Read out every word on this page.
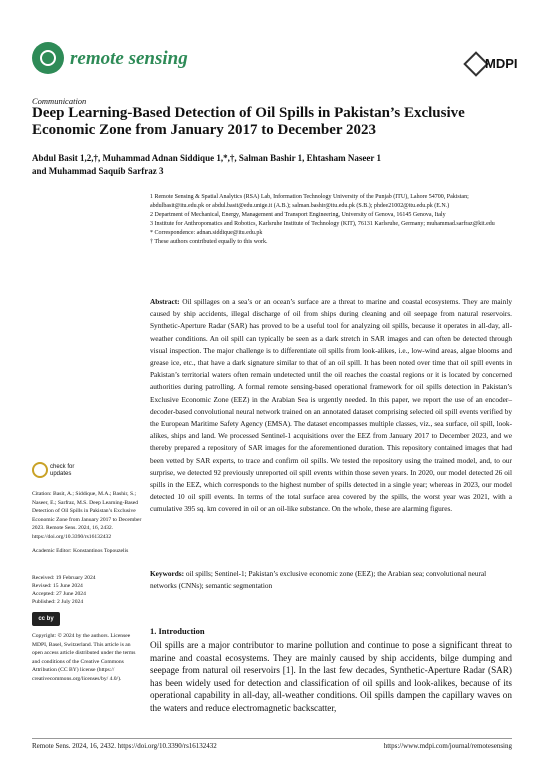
remote sensing	MDPI
Communication
Deep Learning-Based Detection of Oil Spills in Pakistan’s Exclusive Economic Zone from January 2017 to December 2023
Abdul Basit 1,2,†, Muhammad Adnan Siddique 1,*,†, Salman Bashir 1, Ehtasham Naseer 1
and Muhammad Saquib Sarfraz 3
1 Remote Sensing & Spatial Analytics (RSA) Lab, Information Technology University of the Punjab (ITU), Lahore 54700, Pakistan; abdulbasit@itu.edu.pk or abdul.basit@edu.unige.it (A.B.); salman.bashir@itu.edu.pk (S.B.); phdee21002@itu.edu.pk (E.N.)
2 Department of Mechanical, Energy, Management and Transport Engineering, University of Genova, 16145 Genova, Italy
3 Institute for Anthropomatics and Robotics, Karlsruhe Institute of Technology (KIT), 76131 Karlsruhe, Germany; muhammad.sarfraz@kit.edu
* Correspondence: adnan.siddique@itu.edu.pk
† These authors contributed equally to this work.
Abstract: Oil spillages on a sea’s or an ocean’s surface are a threat to marine and coastal ecosystems. They are mainly caused by ship accidents, illegal discharge of oil from ships during cleaning and oil seepage from natural reservoirs. Synthetic-Aperture Radar (SAR) has proved to be a useful tool for analyzing oil spills, because it operates in all-day, all-weather conditions. An oil spill can typically be seen as a dark stretch in SAR images and can often be detected through visual inspection. The major challenge is to differentiate oil spills from look-alikes, i.e., low-wind areas, algae blooms and grease ice, etc., that have a dark signature similar to that of an oil spill. It has been noted over time that oil spill events in Pakistan’s territorial waters often remain undetected until the oil reaches the coastal regions or it is located by concerned authorities during patrolling. A formal remote sensing-based operational framework for oil spills detection in Pakistan’s Exclusive Economic Zone (EEZ) in the Arabian Sea is urgently needed. In this paper, we report the use of an encoder–decoder-based convolutional neural network trained on an annotated dataset comprising selected oil spill events verified by the European Maritime Safety Agency (EMSA). The dataset encompasses multiple classes, viz., sea surface, oil spill, look-alikes, ships and land. We processed Sentinel-1 acquisitions over the EEZ from January 2017 to December 2023, and we thereby prepared a repository of SAR images for the aforementioned duration. This repository contained images that had been vetted by SAR experts, to trace and confirm oil spills. We tested the repository using the trained model, and, to our surprise, we detected 92 previously unreported oil spill events within those seven years. In 2020, our model detected 26 oil spills in the EEZ, which corresponds to the highest number of spills detected in a single year; whereas in 2023, our model detected 10 oil spill events. In terms of the total surface area covered by the spills, the worst year was 2021, with a cumulative 395 sq. km covered in oil or an oil-like substance. On the whole, these are alarming figures.
Keywords: oil spills; Sentinel-1; Pakistan’s exclusive economic zone (EEZ); the Arabian sea; convolutional neural networks (CNNs); semantic segmentation
check for updates
Citation: Basit, A.; Siddique, M.A.; Bashir, S.; Naseer, E.; Sarfraz, M.S. Deep Learning-Based Detection of Oil Spills in Pakistan’s Exclusive Economic Zone from January 2017 to December 2023. Remote Sens. 2024, 16, 2432. https://doi.org/10.3390/rs16132432
Academic Editor: Konstantinos Topouzelis
Received: 19 February 2024
Revised: 15 June 2024
Accepted: 27 June 2024
Published: 2 July 2024
cc by
Copyright: © 2024 by the authors. Licensee MDPI, Basel, Switzerland. This article is an open access article distributed under the terms and conditions of the Creative Commons Attribution (CC BY) license (https:// creativecommons.org/licenses/by/ 4.0/).
1. Introduction
Oil spills are a major contributor to marine pollution and continue to pose a significant threat to marine and coastal ecosystems. They are mainly caused by ship accidents, bilge dumping and seepage from natural oil reservoirs [1]. In the last few decades, Synthetic-Aperture Radar (SAR) has been widely used for detection and classification of oil spills and look-alikes, because of its operational capability in all-day, all-weather conditions. Oil spills dampen the capillary waves on the waters and reduce electromagnetic backscatter,
Remote Sens. 2024, 16, 2432. https://doi.org/10.3390/rs16132432	https://www.mdpi.com/journal/remotesensing
